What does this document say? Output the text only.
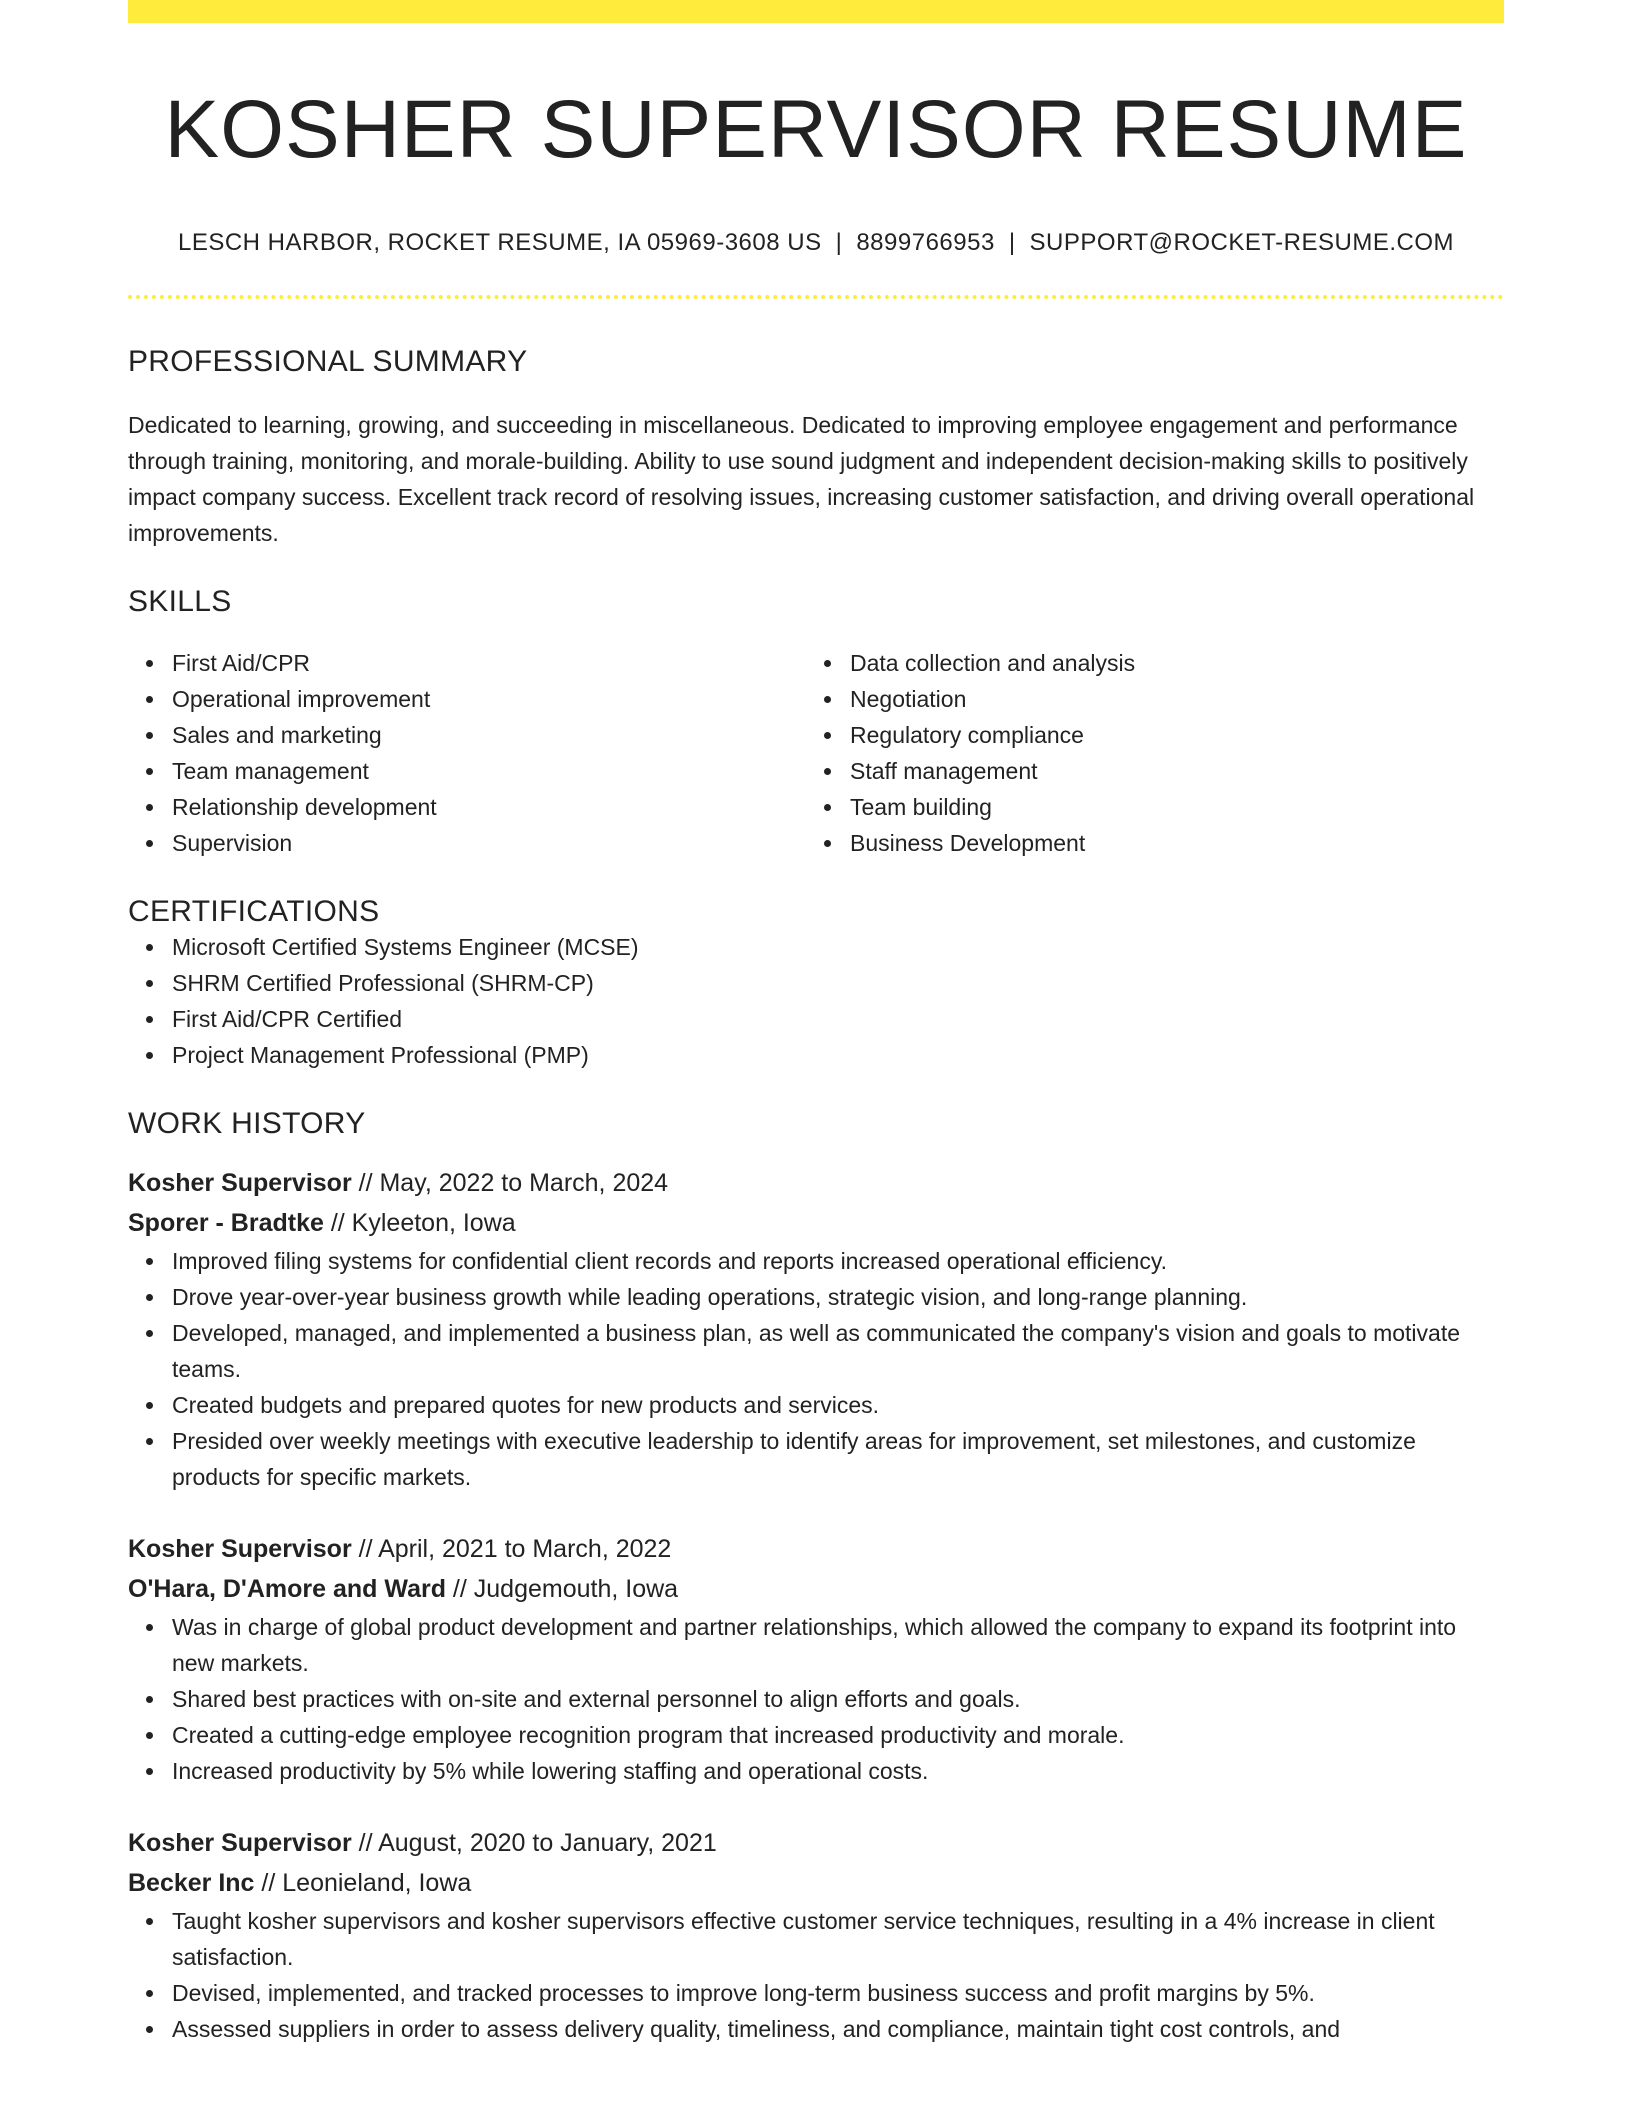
KOSHER SUPERVISOR RESUME
LESCH HARBOR, ROCKET RESUME, IA 05969-3608 US | 8899766953 | SUPPORT@ROCKET-RESUME.COM
PROFESSIONAL SUMMARY

Dedicated to learning, growing, and succeeding in miscellaneous. Dedicated to improving employee engagement and performance through training, monitoring, and morale-building. Ability to use sound judgment and independent decision-making skills to positively impact company success. Excellent track record of resolving issues, increasing customer satisfaction, and driving overall operational improvements.

SKILLS
First Aid/CPR
Operational improvement
Sales and marketing
Team management
Relationship development
Supervision
Data collection and analysis
Negotiation
Regulatory compliance
Staff management
Team building
Business Development
CERTIFICATIONS
Microsoft Certified Systems Engineer (MCSE)
SHRM Certified Professional (SHRM-CP)
First Aid/CPR Certified
Project Management Professional (PMP)
WORK HISTORY
Kosher Supervisor // May, 2022 to March, 2024
Sporer - Bradtke // Kyleeton, Iowa
Improved filing systems for confidential client records and reports increased operational efficiency.
Drove year-over-year business growth while leading operations, strategic vision, and long-range planning.
Developed, managed, and implemented a business plan, as well as communicated the company's vision and goals to motivate teams.
Created budgets and prepared quotes for new products and services.
Presided over weekly meetings with executive leadership to identify areas for improvement, set milestones, and customize products for specific markets.
Kosher Supervisor // April, 2021 to March, 2022
O'Hara, D'Amore and Ward // Judgemouth, Iowa
Was in charge of global product development and partner relationships, which allowed the company to expand its footprint into new markets.
Shared best practices with on-site and external personnel to align efforts and goals.
Created a cutting-edge employee recognition program that increased productivity and morale.
Increased productivity by 5% while lowering staffing and operational costs.
Kosher Supervisor // August, 2020 to January, 2021
Becker Inc // Leonieland, Iowa
Taught kosher supervisors and kosher supervisors effective customer service techniques, resulting in a 4% increase in client satisfaction.
Devised, implemented, and tracked processes to improve long-term business success and profit margins by 5%.
Assessed suppliers in order to assess delivery quality, timeliness, and compliance, maintain tight cost controls, and
